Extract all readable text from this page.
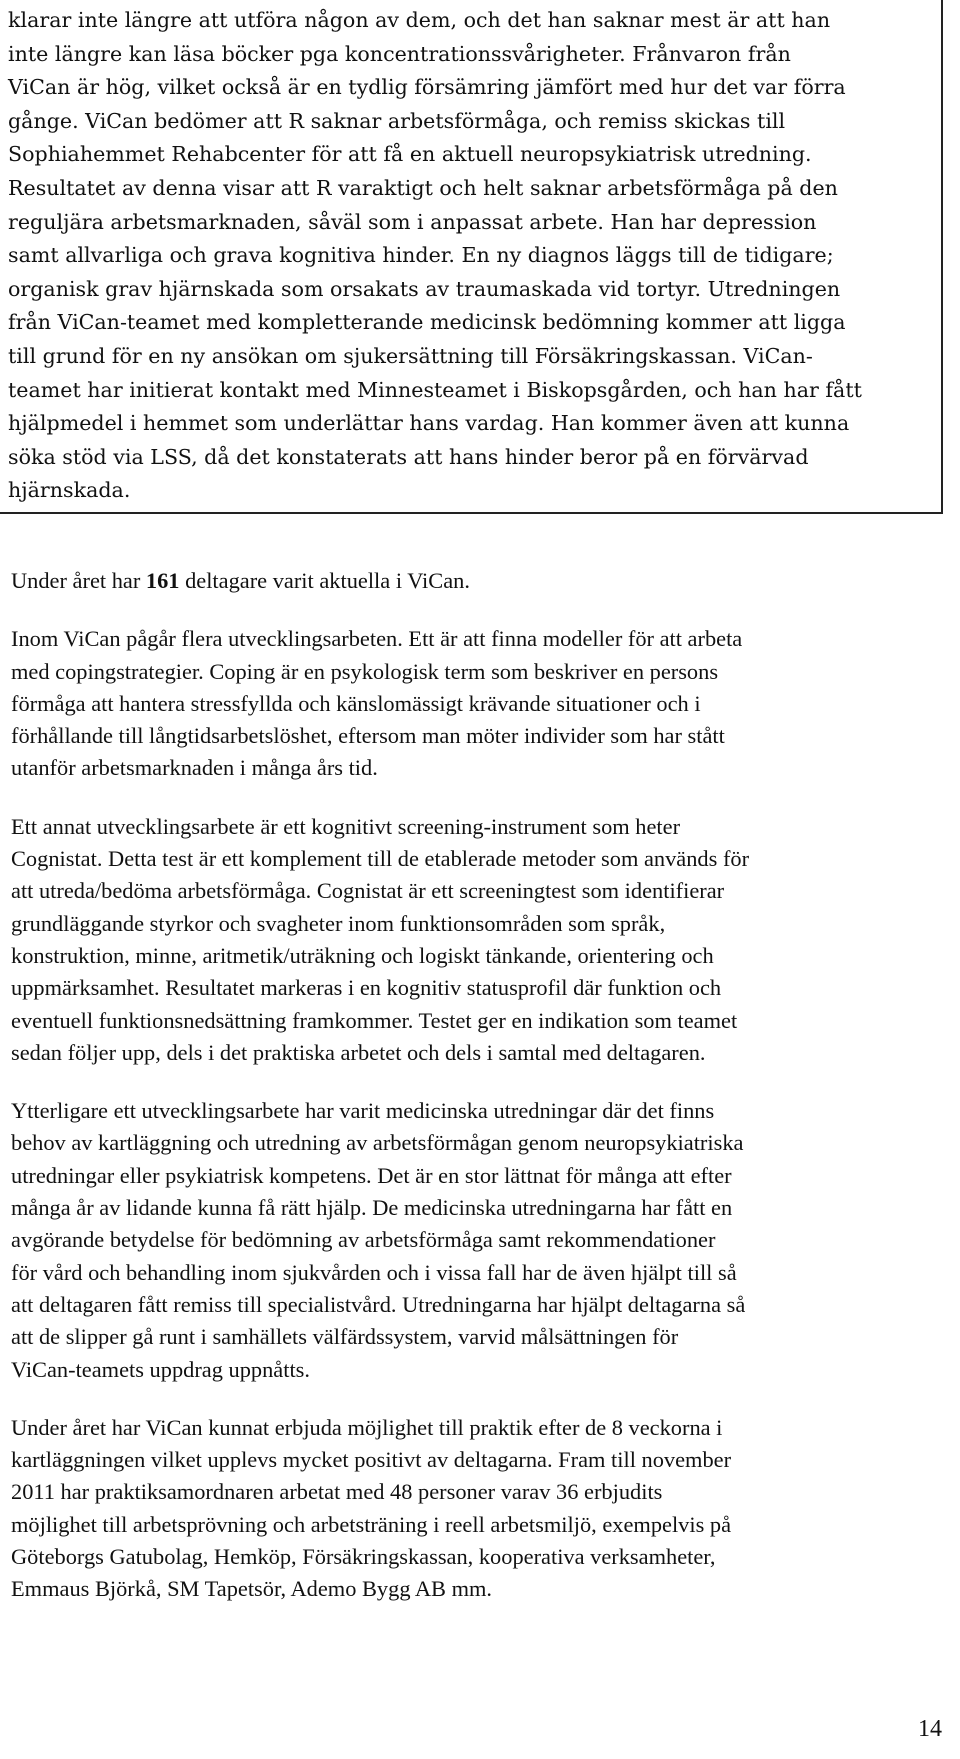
klarar inte längre att utföra någon av dem, och det han saknar mest är att han
inte längre kan läsa böcker pga koncentrationssvårigheter. Frånvaron från
ViCan är hög, vilket också är en tydlig försämring jämfört med hur det var förra
gånge. ViCan bedömer att R saknar arbetsförmåga, och remiss skickas till
Sophiahemmet Rehabcenter för att få en aktuell neuropsykiatrisk utredning.
Resultatet av denna visar att R varaktigt och helt saknar arbetsförmåga på den
reguljära arbetsmarknaden, såväl som i anpassat arbete. Han har depression
samt allvarliga och grava kognitiva hinder. En ny diagnos läggs till de tidigare;
organisk grav hjärnskada som orsakats av traumaskada vid tortyr. Utredningen
från ViCan-teamet med kompletterande medicinsk bedömning kommer att ligga
till grund för en ny ansökan om sjukersättning till Försäkringskassan. ViCan-
teamet har initierat kontakt med Minnesteamet i Biskopsgården, och han har fått
hjälpmedel i hemmet som underlättar hans vardag. Han kommer även att kunna
söka stöd via LSS, då det konstaterats att hans hinder beror på en förvärvad
hjärnskada.

Under året har 161 deltagare varit aktuella i ViCan.

Inom ViCan pågår flera utvecklingsarbeten. Ett är att finna modeller för att arbeta
med copingstrategier. Coping är en psykologisk term som beskriver en persons
förmåga att hantera stressfyllda och känslomässigt krävande situationer och i
förhållande till långtidsarbetslöshet, eftersom man möter individer som har stått
utanför arbetsmarknaden i många års tid.

Ett annat utvecklingsarbete är ett kognitivt screening-instrument som heter
Cognistat. Detta test är ett komplement till de etablerade metoder som används för
att utreda/bedöma arbetsförmåga. Cognistat är ett screeningtest som identifierar
grundläggande styrkor och svagheter inom funktionsområden som språk,
konstruktion, minne, aritmetik/uträkning och logiskt tänkande, orientering och
uppmärksamhet. Resultatet markeras i en kognitiv statusprofil där funktion och
eventuell funktionsnedsättning framkommer. Testet ger en indikation som teamet
sedan följer upp, dels i det praktiska arbetet och dels i samtal med deltagaren.

Ytterligare ett utvecklingsarbete har varit medicinska utredningar där det finns
behov av kartläggning och utredning av arbetsförmågan genom neuropsykiatriska
utredningar eller psykiatrisk kompetens. Det är en stor lättnat för många att efter
många år av lidande kunna få rätt hjälp. De medicinska utredningarna har fått en
avgörande betydelse för bedömning av arbetsförmåga samt rekommendationer
för vård och behandling inom sjukvården och i vissa fall har de även hjälpt till så
att deltagaren fått remiss till specialistvård. Utredningarna har hjälpt deltagarna så
att de slipper gå runt i samhällets välfärdssystem, varvid målsättningen för
ViCan-teamets uppdrag uppnåtts.

Under året har ViCan kunnat erbjuda möjlighet till praktik efter de 8 veckorna i
kartläggningen vilket upplevs mycket positivt av deltagarna. Fram till november
2011 har praktiksamordnaren arbetat med 48 personer varav 36 erbjudits
möjlighet till arbetsprövning och arbetsträning i reell arbetsmiljö, exempelvis på
Göteborgs Gatubolag, Hemköp, Försäkringskassan, kooperativa verksamheter,
Emmaus Björkå, SM Tapetsör, Ademo Bygg AB mm.

14
